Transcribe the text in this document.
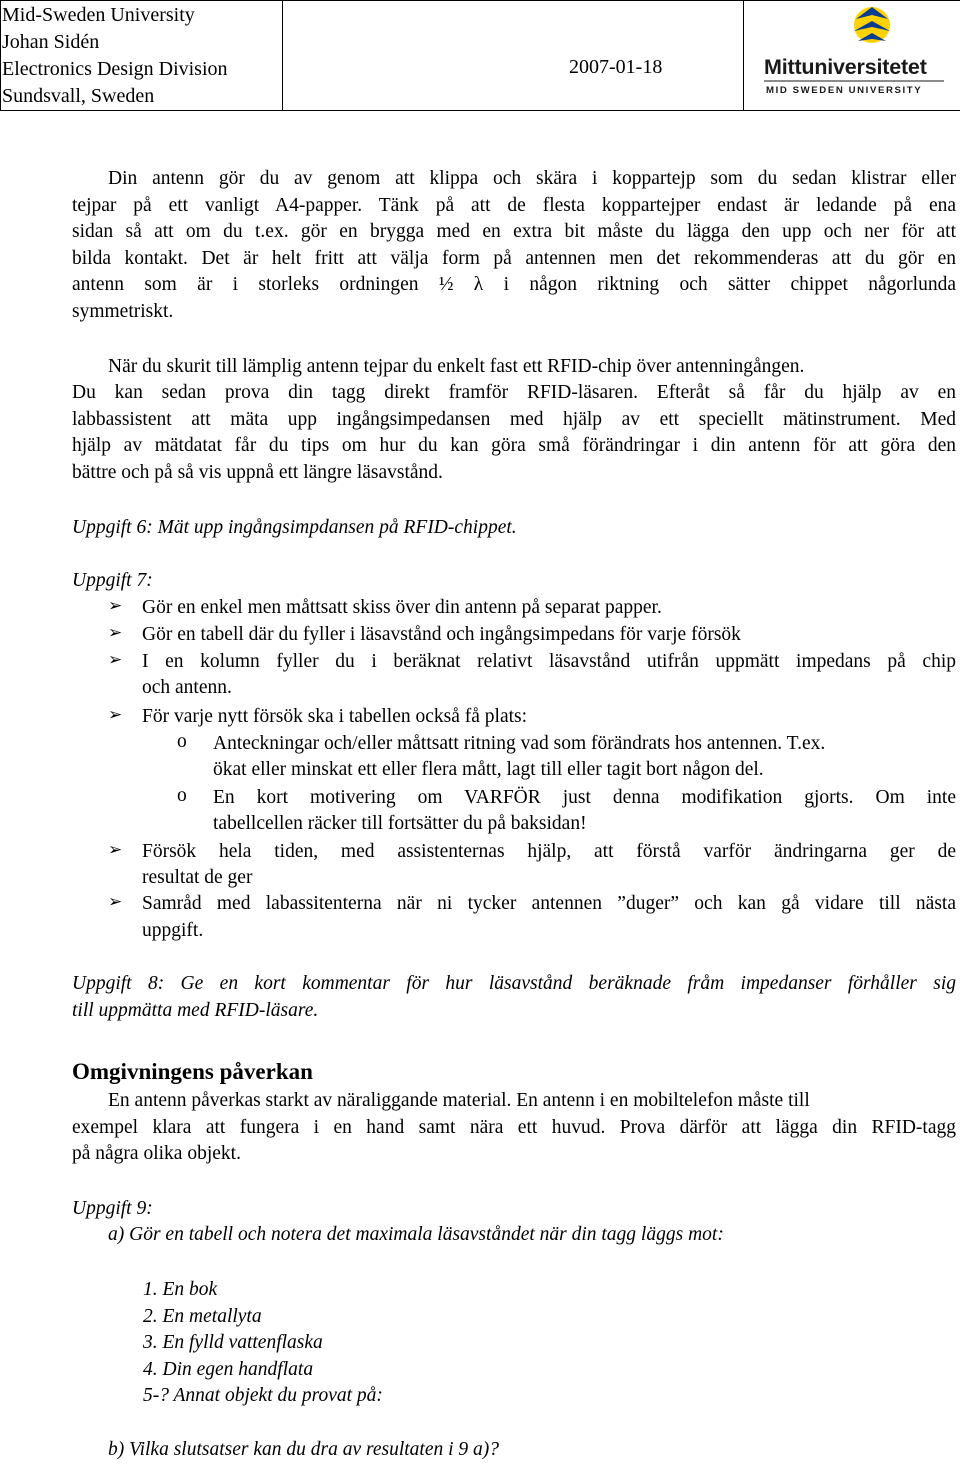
Mid-Sweden University
Johan Sidén
Electronics Design Division
Sundsvall, Sweden

2007-01-18	Mittuniversitetet
MID SWEDEN UNIVERSITY
Din antenn gör du av genom att klippa och skära i koppartejp som du sedan klistrar eller
tejpar på ett vanligt A4-papper. Tänk på att de flesta koppartejper endast är ledande på ena
sidan så att om du t.ex. gör en brygga med en extra bit måste du lägga den upp och ner för att
bilda kontakt. Det är helt fritt att välja form på antennen men det rekommenderas att du gör en
antenn som är i storleks ordningen ½ λ i någon riktning och sätter chippet någorlunda
symmetriskt.
När du skurit till lämplig antenn tejpar du enkelt fast ett RFID-chip över antenningången.
Du kan sedan prova din tagg direkt framför RFID-läsaren. Efteråt så får du hjälp av en
labbassistent att mäta upp ingångsimpedansen med hjälp av ett speciellt mätinstrument. Med
hjälp av mätdatat får du tips om hur du kan göra små förändringar i din antenn för att göra den
bättre och på så vis uppnå ett längre läsavstånd.
Uppgift 6: Mät upp ingångsimpdansen på RFID-chippet.
Uppgift 7:
➢ Gör en enkel men måttsatt skiss över din antenn på separat papper.
➢ Gör en tabell där du fyller i läsavstånd och ingångsimpedans för varje försök
➢ I en kolumn fyller du i beräknat relativt läsavstånd utifrån uppmätt impedans på chip
och antenn.
➢ För varje nytt försök ska i tabellen också få plats:
o Anteckningar och/eller måttsatt ritning vad som förändrats hos antennen. T.ex.
ökat eller minskat ett eller flera mått, lagt till eller tagit bort någon del.
o En kort motivering om VARFÖR just denna modifikation gjorts. Om inte
tabellcellen räcker till fortsätter du på baksidan!
➢ Försök hela tiden, med assistenternas hjälp, att förstå varför ändringarna ger de
resultat de ger
➢ Samråd med labassitenterna när ni tycker antennen ”duger” och kan gå vidare till nästa
uppgift.
Uppgift 8: Ge en kort kommentar för hur läsavstånd beräknade fråm impedanser förhåller sig
till uppmätta med RFID-läsare.
Omgivningens påverkan
En antenn påverkas starkt av näraliggande material. En antenn i en mobiltelefon måste till
exempel klara att fungera i en hand samt nära ett huvud. Prova därför att lägga din RFID-tagg
på några olika objekt.
Uppgift 9:
a) Gör en tabell och notera det maximala läsavståndet när din tagg läggs mot:
1. En bok
2. En metallyta
3. En fylld vattenflaska
4. Din egen handflata
5-? Annat objekt du provat på:
b) Vilka slutsatser kan du dra av resultaten i 9 a)?
